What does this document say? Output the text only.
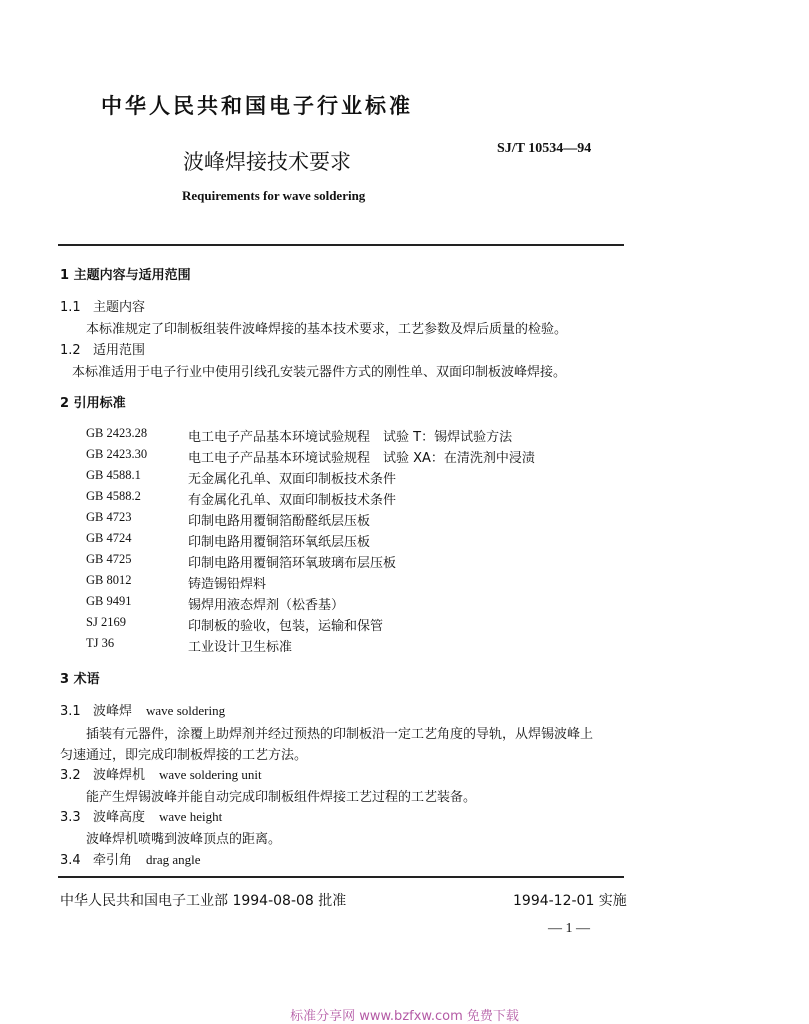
中华人民共和国电子行业标准
波峰焊接技术要求
SJ/T 10534—94
Requirements for wave soldering
1 主题内容与适用范围
1.1 主题内容
本标准规定了印制板组装件波峰焊接的基本技术要求，工艺参数及焊后质量的检验。
1.2 适用范围
本标准适用于电子行业中使用引线孔安装元器件方式的刚性单、双面印制板波峰焊接。
2 引用标准
GB 2423.28	电工电子产品基本环境试验规程　试验 T：锡焊试验方法
GB 2423.30	电工电子产品基本环境试验规程　试验 XA：在清洗剂中浸渍
GB 4588.1	无金属化孔单、双面印制板技术条件
GB 4588.2	有金属化孔单、双面印制板技术条件
GB 4723	印制电路用覆铜箔酚醛纸层压板
GB 4724	印制电路用覆铜箔环氧纸层压板
GB 4725	印制电路用覆铜箔环氧玻璃布层压板
GB 8012	铸造锡铅焊料
GB 9491	锡焊用液态焊剂（松香基）
SJ 2169	印制板的验收，包装，运输和保管
TJ 36	工业设计卫生标准
3 术语
3.1 波峰焊 wave soldering
插装有元器件，涂覆上助焊剂并经过预热的印制板沿一定工艺角度的导轨，从焊锡波峰上
匀速通过，即完成印制板焊接的工艺方法。
3.2 波峰焊机 wave soldering unit
能产生焊锡波峰并能自动完成印制板组件焊接工艺过程的工艺装备。
3.3 波峰高度 wave height
波峰焊机喷嘴到波峰顶点的距离。
3.4 牵引角 drag angle
中华人民共和国电子工业部 1994-08-08 批准	1994-12-01 实施
— 1 —
标准分享网 www.bzfxw.com 免费下载
